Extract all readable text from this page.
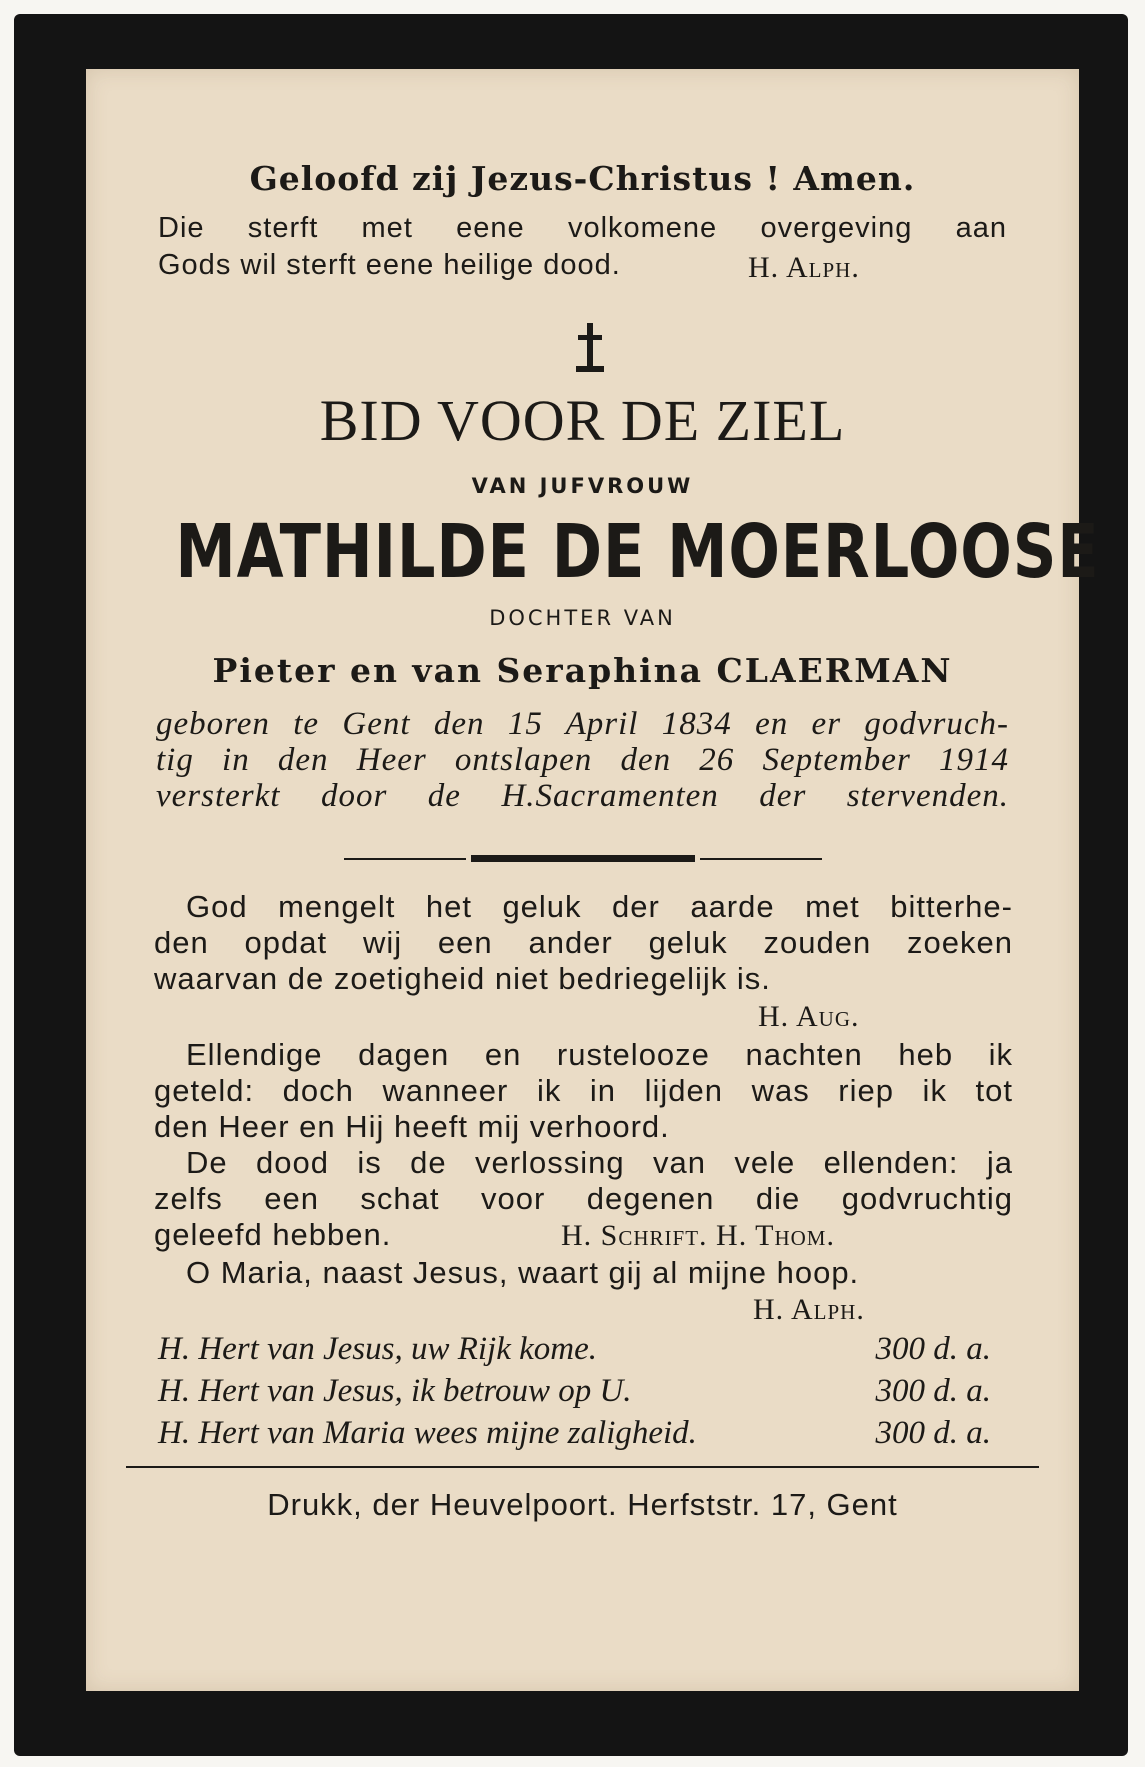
Geloofd zij Jezus-Christus ! Amen.
Die sterft met eene volkomene overgeving aan
Gods wil sterft eene heilige dood.	H. Alph.
BID VOOR DE ZIEL
VAN JUFVROUW
MATHILDE DE MOERLOOSE
DOCHTER VAN
Pieter en van Seraphina CLAERMAN
geboren te Gent den 15 April 1834 en er godvruch-
tig in den Heer ontslapen den 26 September 1914
versterkt door de H.Sacramenten der stervenden.
God mengelt het geluk der aarde met bitterhe-
den opdat wij een ander geluk zouden zoeken
waarvan de zoetigheid niet bedriegelijk is.
H. Aug.
Ellendige dagen en rustelooze nachten heb ik
geteld: doch wanneer ik in lijden was riep ik tot
den Heer en Hij heeft mij verhoord.
De dood is de verlossing van vele ellenden: ja
zelfs een schat voor degenen die godvruchtig
geleefd hebben.	H. Schrift. H. Thom.
O Maria, naast Jesus, waart gij al mijne hoop.
H. Alph.
H. Hert van Jesus, uw Rijk kome.	300 d. a.
H. Hert van Jesus, ik betrouw op U.	300 d. a.
H. Hert van Maria wees mijne zaligheid.	300 d. a.
Drukk, der Heuvelpoort. Herfststr. 17, Gent
